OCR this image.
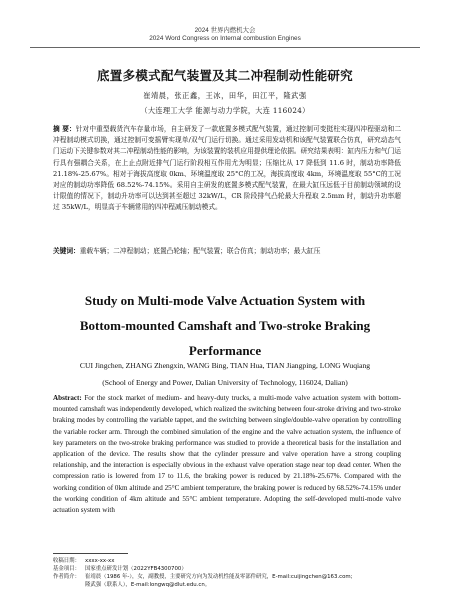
2024 世界内燃机大会
2024 Word Congress on Internal combustion Engines
底置多模式配气装置及其二冲程制动性能研究
崔靖晨，张正鑫，王冰，田华，田江平，隆武强
（大连理工大学 能源与动力学院，大连 116024）
摘 要：针对中重型载货汽车存量市场，自主研发了一款底置多模式配气装置，通过控制可变挺柱实现四冲程驱动和二冲程制动模式切换，通过控制可变摇臂实现单/双气门运行切换。通过采用发动机和该配气装置联合仿真，研究动态气门运动下关键参数对其二冲程制动性能的影响，为该装置的装机应用提供理论依据。研究结果表明：缸内压力和气门运行具有强耦合关系，在上止点附近排气门运行阶段相互作用尤为明显；压缩比从 17 降低到 11.6 时，制动功率降低 21.18%-25.67%。相对于海拔高度取 0km、环境温度取 25°C的工况，海拔高度取 4km，环境温度取 55°C的工况对应的制动功率降低 68.52%-74.15%。采用自主研发的底置多模式配气装置，在最大缸压远低于目前制动领域的设计限值的情况下，制动升功率可以达到甚至超过 32kW/L，CR 阶段排气凸轮最大升程取 2.5mm 时，制动升功率超过 35kW/L，明显高于车辆常用的四冲程减压制动模式。
关键词：重载车辆；二冲程制动；底置凸轮轴；配气装置；联合仿真；制动功率；最大缸压
Study on Multi-mode Valve Actuation System with
Bottom-mounted Camshaft and Two-stroke Braking
Performance
CUI Jingchen, ZHANG Zhengxin, WANG Bing, TIAN Hua, TIAN Jiangping, LONG Wuqiang
(School of Energy and Power, Dalian University of Technology, 116024, Dalian)
Abstract: For the stock market of medium- and heavy-duty trucks, a multi-mode valve actuation system with bottom-mounted camshaft was independently developed, which realized the switching between four-stroke driving and two-stroke braking modes by controlling the variable tappet, and the switching between single/double-valve operation by controlling the variable rocker arm. Through the combined simulation of the engine and the valve actuation system, the influence of key parameters on the two-stroke braking performance was studied to provide a theoretical basis for the installation and application of the device. The results show that the cylinder pressure and valve operation have a strong coupling relationship, and the interaction is especially obvious in the exhaust valve operation stage near top dead center. When the compression ratio is lowered from 17 to 11.6, the braking power is reduced by 21.18%-25.67%. Compared with the working condition of 0km altitude and 25°C ambient temperature, the braking power is reduced by 68.52%-74.15% under the working condition of 4km altitude and 55°C ambient temperature. Adopting the self-developed multi-mode valve actuation system with
收稿日期： xxxx-xx-xx
基金项目： 国家重点研发计划（2022YFB4300700）
作者简介： 崔靖晨（1986 年-），女，副教授，主要研究方向为发动机性能及零部件研究，E-mail:cuijingchen@163.com;
隆武强（联系人），E-mail:longwq@dlut.edu.cn。
